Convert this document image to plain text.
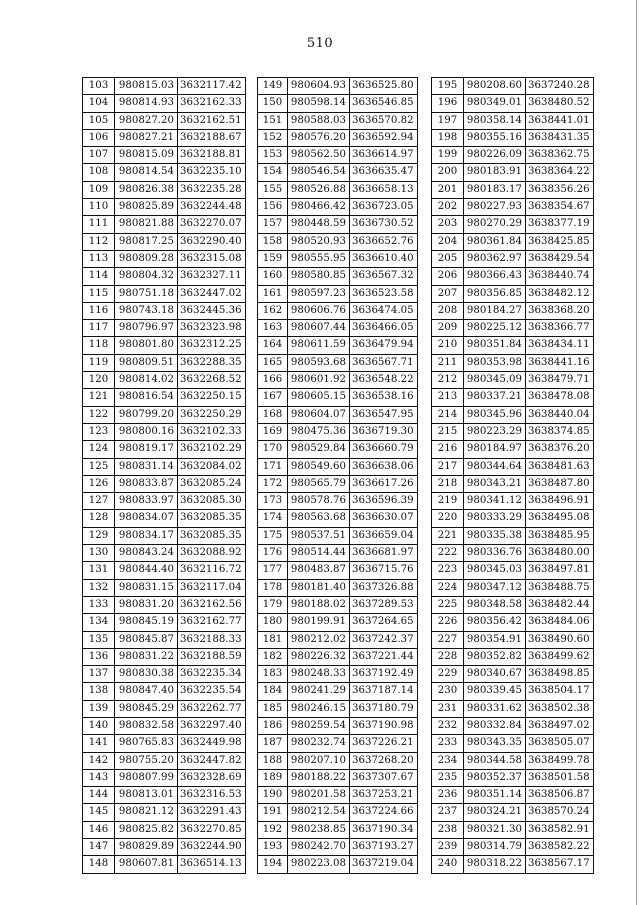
510
103	980815.03	3632117.42
104	980814.93	3632162.33
105	980827.20	3632162.51
106	980827.21	3632188.67
107	980815.09	3632188.81
108	980814.54	3632235.10
109	980826.38	3632235.28
110	980825.89	3632244.48
111	980821.88	3632270.07
112	980817.25	3632290.40
113	980809.28	3632315.08
114	980804.32	3632327.11
115	980751.18	3632447.02
116	980743.18	3632445.36
117	980796.97	3632323.98
118	980801.80	3632312.25
119	980809.51	3632288.35
120	980814.02	3632268.52
121	980816.54	3632250.15
122	980799.20	3632250.29
123	980800.16	3632102.33
124	980819.17	3632102.29
125	980831.14	3632084.02
126	980833.87	3632085.24
127	980833.97	3632085.30
128	980834.07	3632085.35
129	980834.17	3632085.35
130	980843.24	3632088.92
131	980844.40	3632116.72
132	980831.15	3632117.04
133	980831.20	3632162.56
134	980845.19	3632162.77
135	980845.87	3632188.33
136	980831.22	3632188.59
137	980830.38	3632235.34
138	980847.40	3632235.54
139	980845.29	3632262.77
140	980832.58	3632297.40
141	980765.83	3632449.98
142	980755.20	3632447.82
143	980807.99	3632328.69
144	980813.01	3632316.53
145	980821.12	3632291.43
146	980825.82	3632270.85
147	980829.89	3632244.90
148	980607.81	3636514.13
149	980604.93	3636525.80
150	980598.14	3636546.85
151	980588.03	3636570.82
152	980576.20	3636592.94
153	980562.50	3636614.97
154	980546.54	3636635.47
155	980526.88	3636658.13
156	980466.42	3636723.05
157	980448.59	3636730.52
158	980520.93	3636652.76
159	980555.95	3636610.40
160	980580.85	3636567.32
161	980597.23	3636523.58
162	980606.76	3636474.05
163	980607.44	3636466.05
164	980611.59	3636479.94
165	980593.68	3636567.71
166	980601.92	3636548.22
167	980605.15	3636538.16
168	980604.07	3636547.95
169	980475.36	3636719.30
170	980529.84	3636660.79
171	980549.60	3636638.06
172	980565.79	3636617.26
173	980578.76	3636596.39
174	980563.68	3636630.07
175	980537.51	3636659.04
176	980514.44	3636681.97
177	980483.87	3636715.76
178	980181.40	3637326.88
179	980188.02	3637289.53
180	980199.91	3637264.65
181	980212.02	3637242.37
182	980226.32	3637221.44
183	980248.33	3637192.49
184	980241.29	3637187.14
185	980246.15	3637180.79
186	980259.54	3637190.98
187	980232.74	3637226.21
188	980207.10	3637268.20
189	980188.22	3637307.67
190	980201.58	3637253.21
191	980212.54	3637224.66
192	980238.85	3637190.34
193	980242.70	3637193.27
194	980223.08	3637219.04
195	980208.60	3637240.28
196	980349.01	3638480.52
197	980358.14	3638441.01
198	980355.16	3638431.35
199	980226.09	3638362.75
200	980183.91	3638364.22
201	980183.17	3638356.26
202	980227.93	3638354.67
203	980270.29	3638377.19
204	980361.84	3638425.85
205	980362.97	3638429.54
206	980366.43	3638440.74
207	980356.85	3638482.12
208	980184.27	3638368.20
209	980225.12	3638366.77
210	980351.84	3638434.11
211	980353.98	3638441.16
212	980345.09	3638479.71
213	980337.21	3638478.08
214	980345.96	3638440.04
215	980223.29	3638374.85
216	980184.97	3638376.20
217	980344.64	3638481.63
218	980343.21	3638487.80
219	980341.12	3638496.91
220	980333.29	3638495.08
221	980335.38	3638485.95
222	980336.76	3638480.00
223	980345.03	3638497.81
224	980347.12	3638488.75
225	980348.58	3638482.44
226	980356.42	3638484.06
227	980354.91	3638490.60
228	980352.82	3638499.62
229	980340.67	3638498.85
230	980339.45	3638504.17
231	980331.62	3638502.38
232	980332.84	3638497.02
233	980343.35	3638505.07
234	980344.58	3638499.78
235	980352.37	3638501.58
236	980351.14	3638506.87
237	980324.21	3638570.24
238	980321.30	3638582.91
239	980314.79	3638582.22
240	980318.22	3638567.17
